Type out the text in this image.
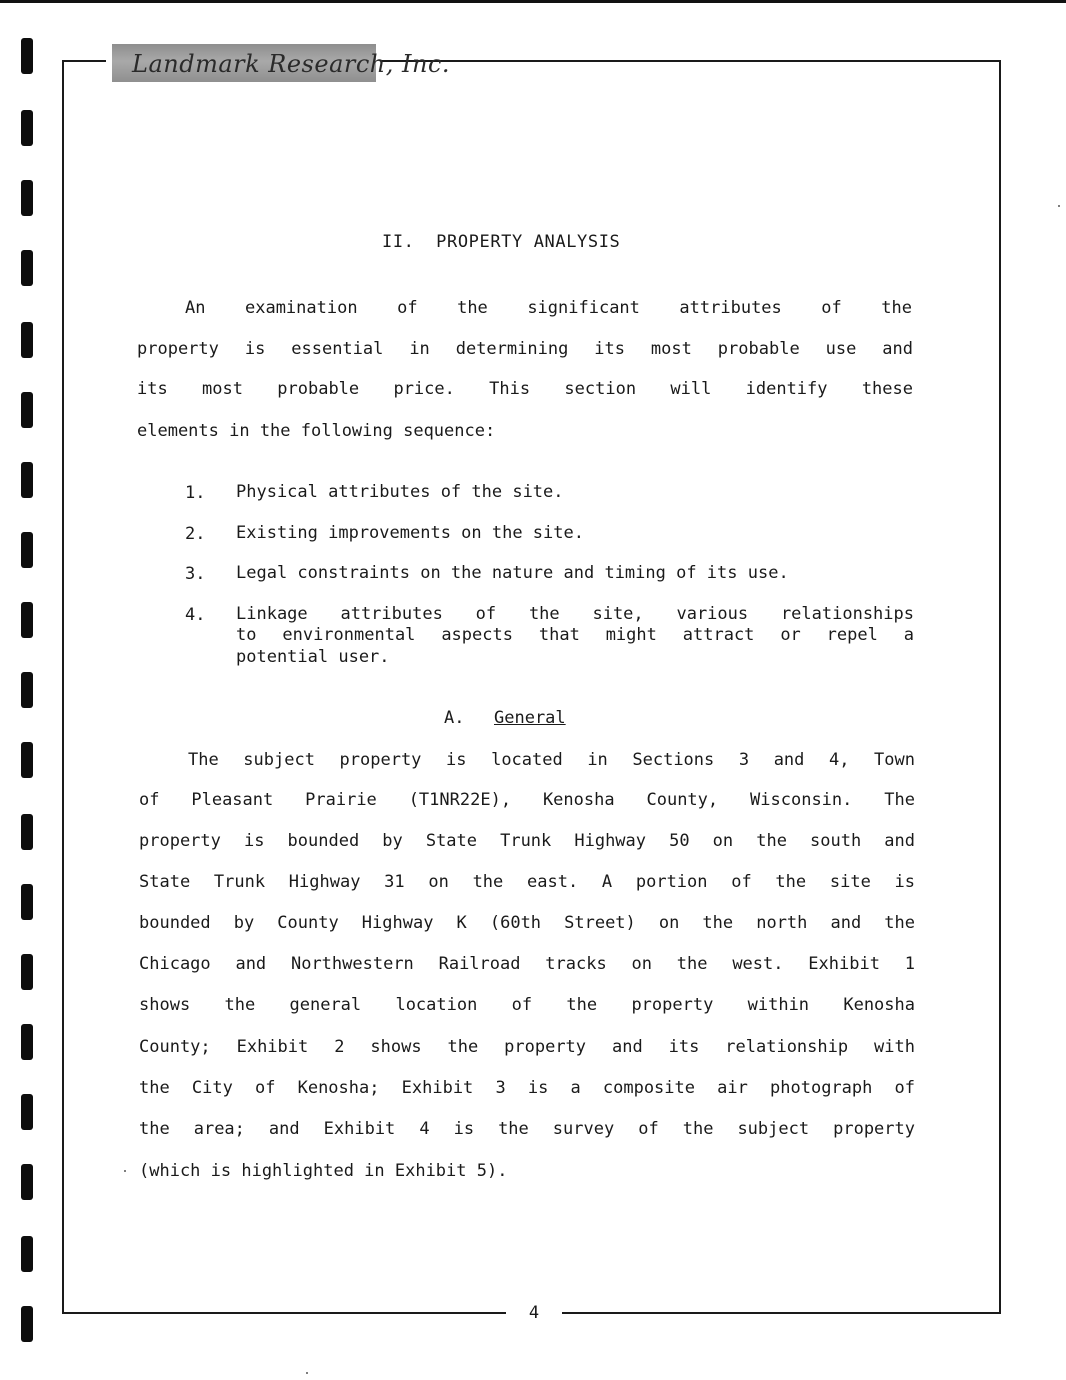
Landmark Research, Inc.
II.  PROPERTY ANALYSIS
An examination of the significant attributes of the
property is essential in determining its most probable use and
its most probable price. This section will identify these
elements in the following sequence:
1. Physical attributes of the site.
2. Existing improvements on the site.
3. Legal constraints on the nature and timing of its use.
4. Linkage attributes of the site, various relationships
to environmental aspects that might attract or repel a
potential user.
A. General
The subject property is located in Sections 3 and 4, Town
of Pleasant Prairie (T1NR22E), Kenosha County, Wisconsin. The
property is bounded by State Trunk Highway 50 on the south and
State Trunk Highway 31 on the east. A portion of the site is
bounded by County Highway K (60th Street) on the north and the
Chicago and Northwestern Railroad tracks on the west. Exhibit 1
shows the general location of the property within Kenosha
County; Exhibit 2 shows the property and its relationship with
the City of Kenosha; Exhibit 3 is a composite air photograph of
the area; and Exhibit 4 is the survey of the subject property
(which is highlighted in Exhibit 5).
4
